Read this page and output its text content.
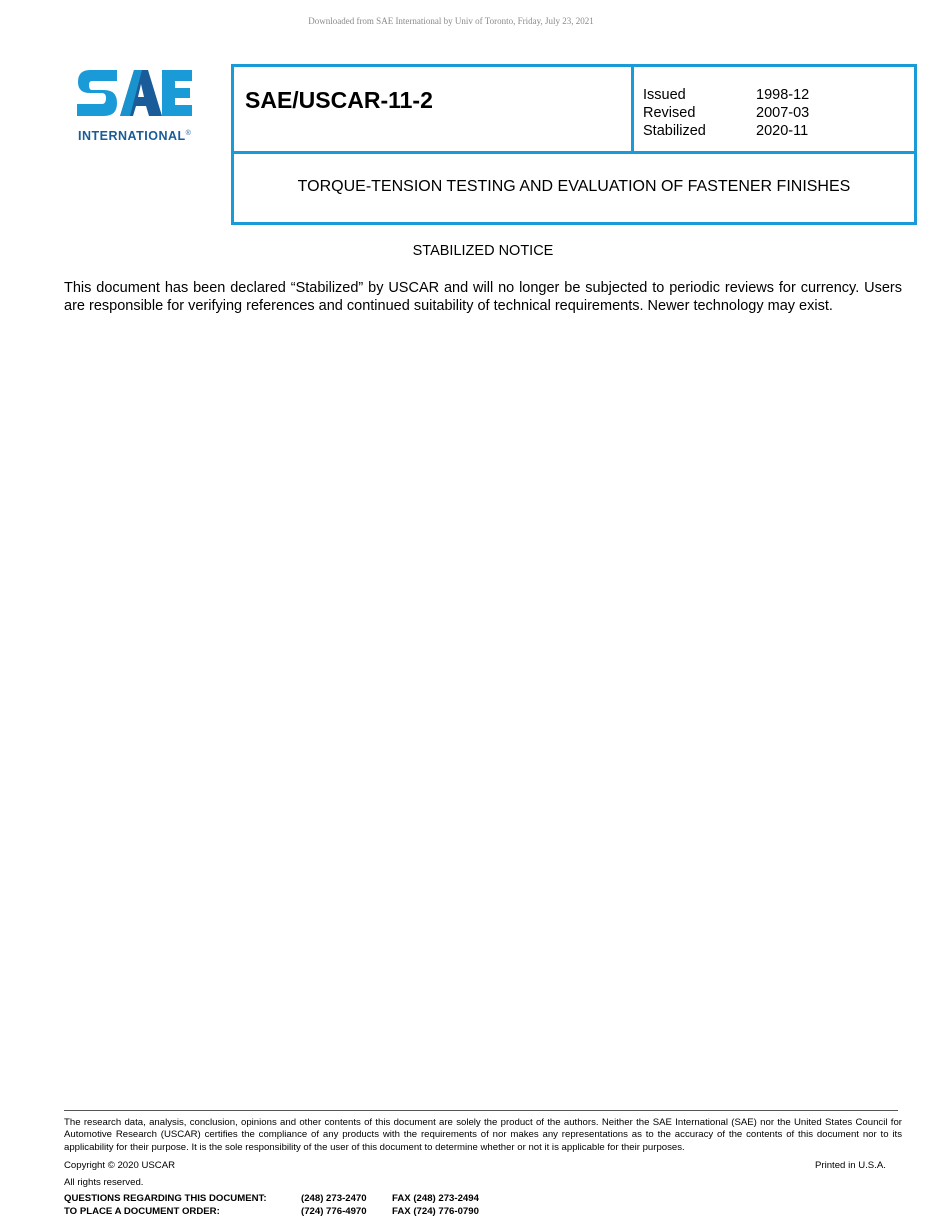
Downloaded from SAE International by Univ of Toronto, Friday, July 23, 2021
INTERNATIONAL®
SAE/USCAR-11-2	Issued	1998-12
Revised	2007-03
Stabilized	2020-11
TORQUE-TENSION TESTING AND EVALUATION OF FASTENER FINISHES
STABILIZED NOTICE
This document has been declared “Stabilized” by USCAR and will no longer be subjected to periodic reviews for currency. Users are responsible for verifying references and continued suitability of technical requirements. Newer technology may exist.
The research data, analysis, conclusion, opinions and other contents of this document are solely the product of the authors. Neither the SAE International (SAE) nor the United States Council for Automotive Research (USCAR) certifies the compliance of any products with the requirements of nor makes any representations as to the accuracy of the contents of this document nor to its applicability for their purpose. It is the sole responsibility of the user of this document to determine whether or not it is applicable for their purposes.
Copyright © 2020 USCAR	Printed in U.S.A.
All rights reserved.
QUESTIONS REGARDING THIS DOCUMENT:	(248) 273-2470	FAX (248) 273-2494
TO PLACE A DOCUMENT ORDER:	(724) 776-4970	FAX (724) 776-0790
